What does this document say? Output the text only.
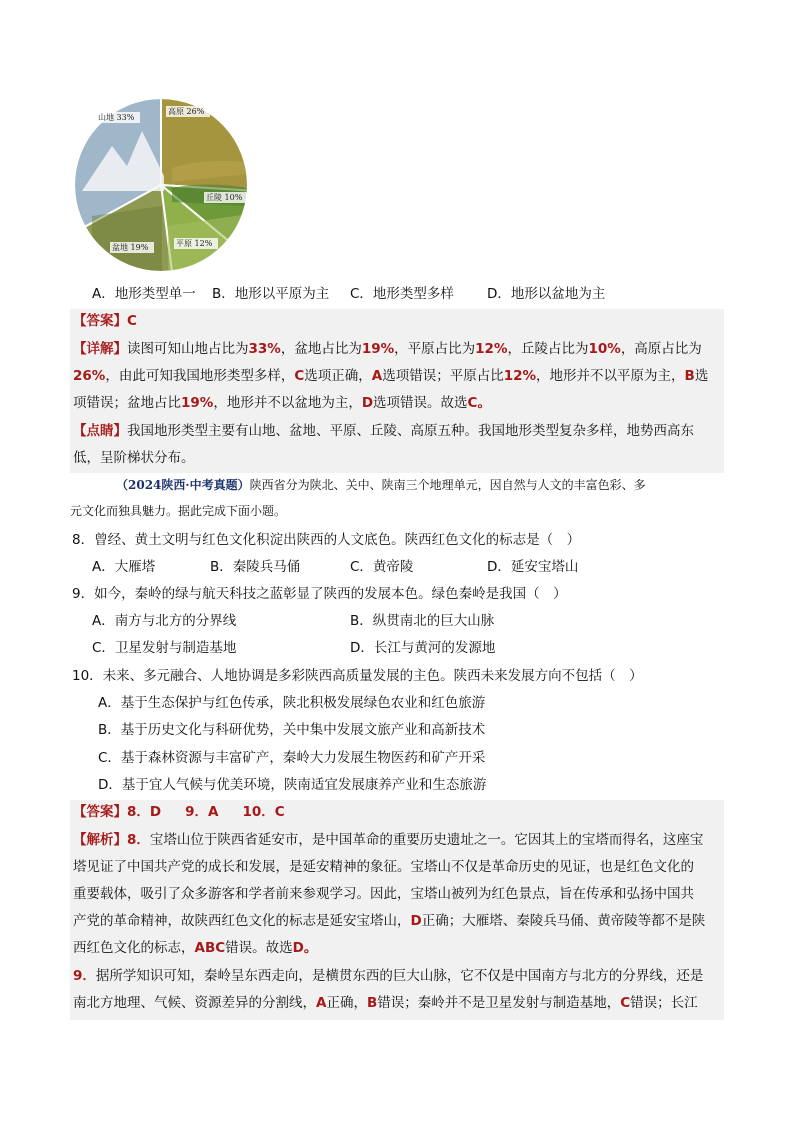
山地 33%
高原 26%
丘陵 10%
平原 12%
盆地 19%
A．地形类型单一 B．地形以平原为主 C．地形类型多样 D．地形以盆地为主
【答案】C
【详解】读图可知山地占比为33%，盆地占比为19%，平原占比为12%，丘陵占比为10%，高原占比为
26%，由此可知我国地形类型多样，C选项正确，A选项错误；平原占比12%，地形并不以平原为主，B选
项错误；盆地占比19%，地形并不以盆地为主，D选项错误。故选C。
【点睛】我国地形类型主要有山地、盆地、平原、丘陵、高原五种。我国地形类型复杂多样，地势西高东
低，呈阶梯状分布。
（2024陕西·中考真题）陕西省分为陕北、关中、陕南三个地理单元，因自然与人文的丰富色彩、多
元文化而独具魅力。据此完成下面小题。
8．曾经、黄土文明与红色文化积淀出陕西的人文底色。陕西红色文化的标志是（　）
A．大雁塔	B．秦陵兵马俑	C．黄帝陵	D．延安宝塔山
9．如今，秦岭的绿与航天科技之蓝彰显了陕西的发展本色。绿色秦岭是我国（　）
A．南方与北方的分界线	B．纵贯南北的巨大山脉
C．卫星发射与制造基地	D．长江与黄河的发源地
10．未来、多元融合、人地协调是多彩陕西高质量发展的主色。陕西未来发展方向不包括（　）
A．基于生态保护与红色传承，陕北积极发展绿色农业和红色旅游
B．基于历史文化与科研优势，关中集中发展文旅产业和高新技术
C．基于森林资源与丰富矿产，秦岭大力发展生物医药和矿产开采
D．基于宜人气候与优美环境，陕南适宜发展康养产业和生态旅游
【答案】8．D 9．A 10．C
【解析】8．宝塔山位于陕西省延安市，是中国革命的重要历史遗址之一。它因其上的宝塔而得名，这座宝
塔见证了中国共产党的成长和发展，是延安精神的象征。宝塔山不仅是革命历史的见证，也是红色文化的
重要载体，吸引了众多游客和学者前来参观学习。因此，宝塔山被列为红色景点，旨在传承和弘扬中国共
产党的革命精神，故陕西红色文化的标志是延安宝塔山，D正确；大雁塔、秦陵兵马俑、黄帝陵等都不是陕
西红色文化的标志，ABC错误。故选D。
9．据所学知识可知，秦岭呈东西走向，是横贯东西的巨大山脉，它不仅是中国南方与北方的分界线，还是
南北方地理、气候、资源差异的分割线，A正确，B错误；秦岭并不是卫星发射与制造基地，C错误；长江
